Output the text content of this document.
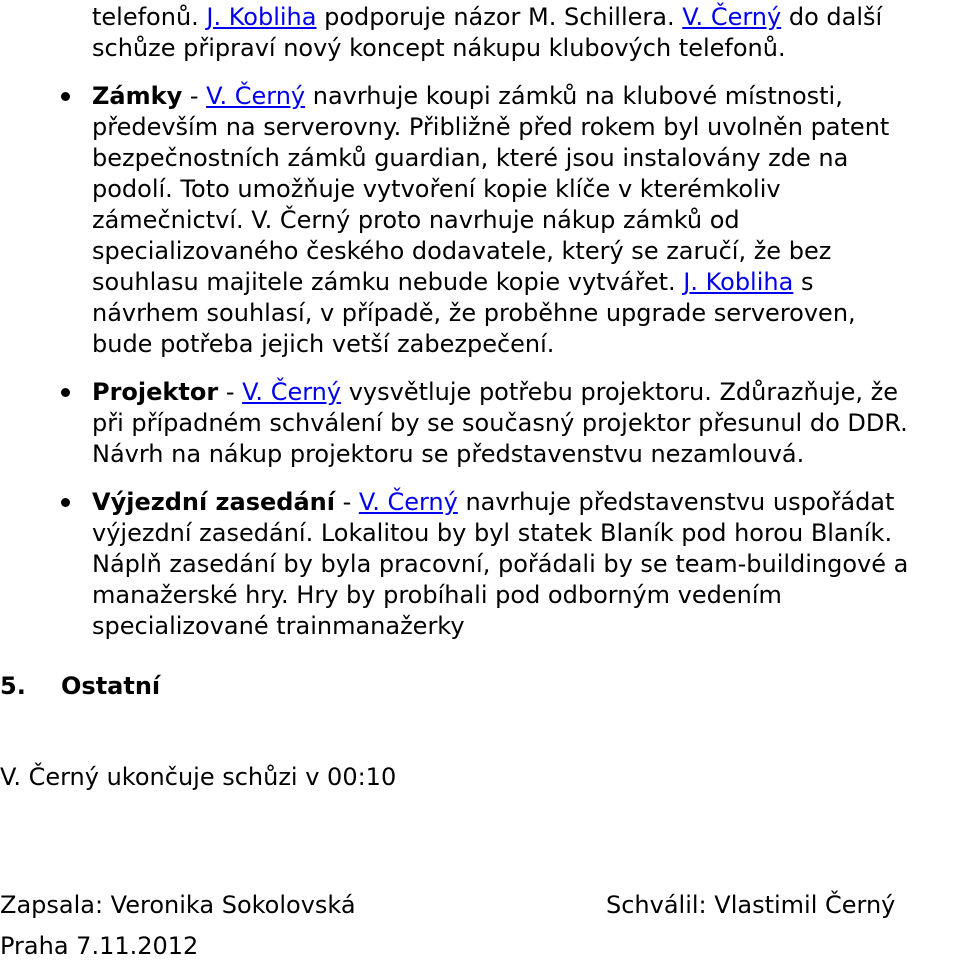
telefonů. J. Kobliha podporuje názor M. Schillera. V. Černý do další
schůze připraví nový koncept nákupu klubových telefonů.

Zámky - V. Černý navrhuje koupi zámků na klubové místnosti,
především na serverovny. Přibližně před rokem byl uvolněn patent
bezpečnostních zámků guardian, které jsou instalovány zde na
podolí. Toto umožňuje vytvoření kopie klíče v kterémkoliv
zámečnictví. V. Černý proto navrhuje nákup zámků od
specializovaného českého dodavatele, který se zaručí, že bez
souhlasu majitele zámku nebude kopie vytvářet. J. Kobliha s
návrhem souhlasí, v případě, že proběhne upgrade serveroven,
bude potřeba jejich vetší zabezpečení.

Projektor - V. Černý vysvětluje potřebu projektoru. Zdůrazňuje, že
při případném schválení by se současný projektor přesunul do DDR.
Návrh na nákup projektoru se představenstvu nezamlouvá.

Výjezdní zasedání - V. Černý navrhuje představenstvu uspořádat
výjezdní zasedání. Lokalitou by byl statek Blaník pod horou Blaník.
Náplň zasedání by byla pracovní, pořádali by se team-buildingové a
manažerské hry. Hry by probíhali pod odborným vedením
specializované trainmanažerky

5. Ostatní
V. Černý ukončuje schůzi v 00:10
Zapsala: Veronika Sokolovská	Schválil: Vlastimil Černý
Praha 7.11.2012
